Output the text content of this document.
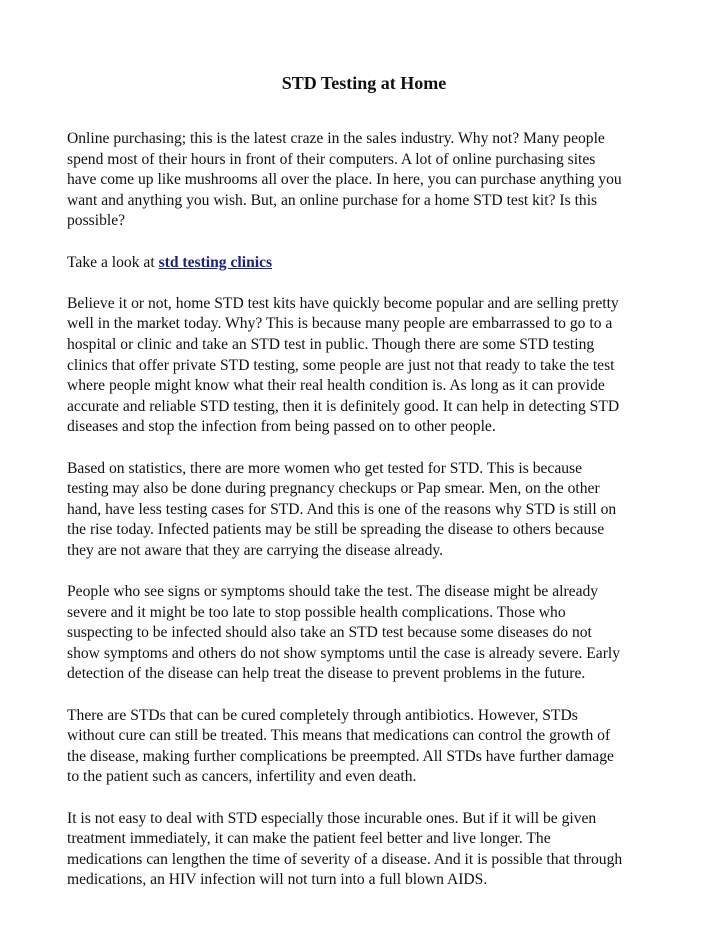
STD Testing at Home

Online purchasing; this is the latest craze in the sales industry. Why not? Many people
spend most of their hours in front of their computers. A lot of online purchasing sites
have come up like mushrooms all over the place. In here, you can purchase anything you
want and anything you wish. But, an online purchase for a home STD test kit? Is this
possible?

Take a look at std testing clinics

Believe it or not, home STD test kits have quickly become popular and are selling pretty
well in the market today. Why? This is because many people are embarrassed to go to a
hospital or clinic and take an STD test in public. Though there are some STD testing
clinics that offer private STD testing, some people are just not that ready to take the test
where people might know what their real health condition is. As long as it can provide
accurate and reliable STD testing, then it is definitely good. It can help in detecting STD
diseases and stop the infection from being passed on to other people.

Based on statistics, there are more women who get tested for STD. This is because
testing may also be done during pregnancy checkups or Pap smear. Men, on the other
hand, have less testing cases for STD. And this is one of the reasons why STD is still on
the rise today. Infected patients may be still be spreading the disease to others because
they are not aware that they are carrying the disease already.

People who see signs or symptoms should take the test. The disease might be already
severe and it might be too late to stop possible health complications. Those who
suspecting to be infected should also take an STD test because some diseases do not
show symptoms and others do not show symptoms until the case is already severe. Early
detection of the disease can help treat the disease to prevent problems in the future.

There are STDs that can be cured completely through antibiotics. However, STDs
without cure can still be treated. This means that medications can control the growth of
the disease, making further complications be preempted. All STDs have further damage
to the patient such as cancers, infertility and even death.

It is not easy to deal with STD especially those incurable ones. But if it will be given
treatment immediately, it can make the patient feel better and live longer. The
medications can lengthen the time of severity of a disease. And it is possible that through
medications, an HIV infection will not turn into a full blown AIDS.
